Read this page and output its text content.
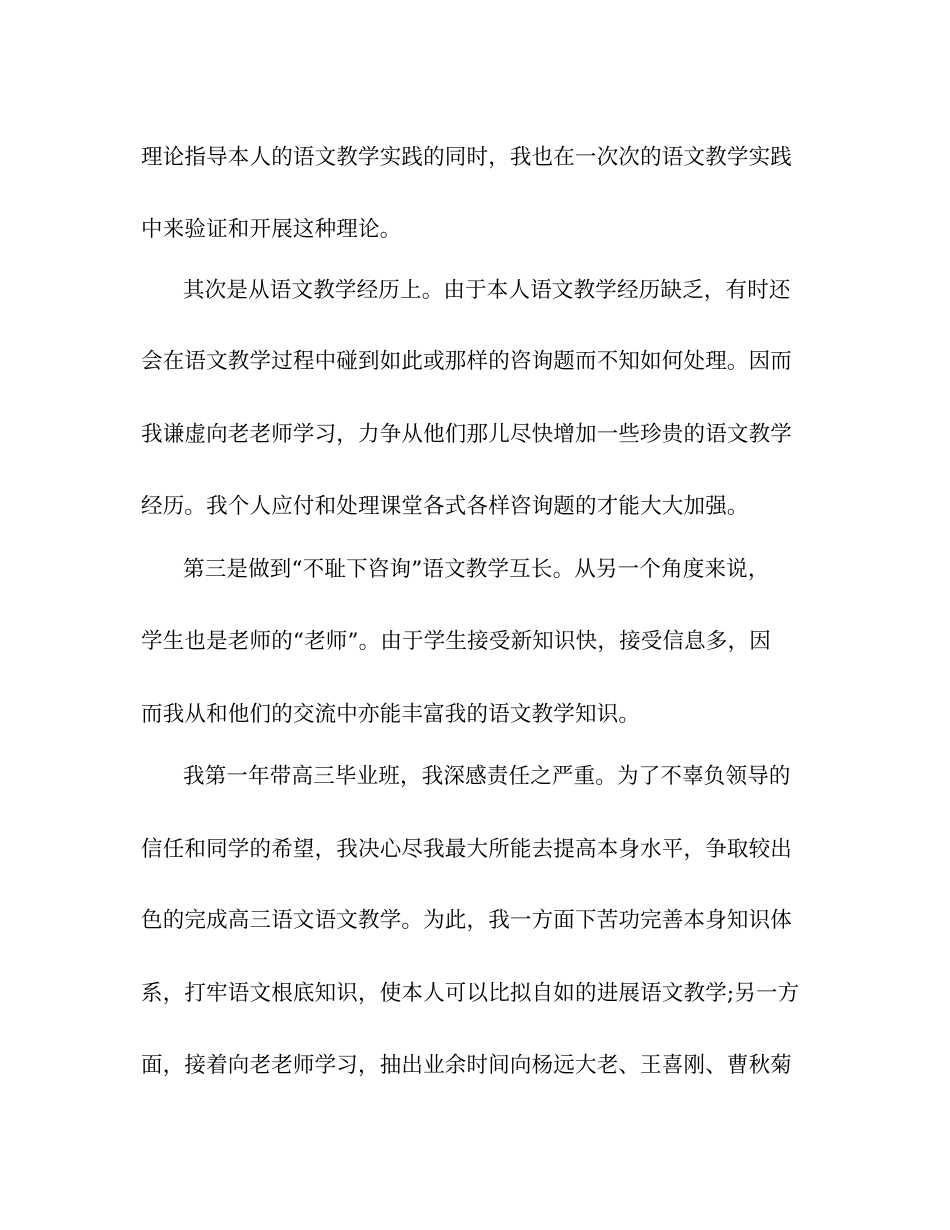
理论指导本人的语文教学实践的同时，我也在一次次的语文教学实践
中来验证和开展这种理论。
其次是从语文教学经历上。由于本人语文教学经历缺乏，有时还
会在语文教学过程中碰到如此或那样的咨询题而不知如何处理。因而
我谦虚向老老师学习，力争从他们那儿尽快增加一些珍贵的语文教学
经历。我个人应付和处理课堂各式各样咨询题的才能大大加强。
第三是做到“不耻下咨询”语文教学互长。从另一个角度来说，
学生也是老师的“老师”。由于学生接受新知识快，接受信息多，因
而我从和他们的交流中亦能丰富我的语文教学知识。
我第一年带高三毕业班，我深感责任之严重。为了不辜负领导的
信任和同学的希望，我决心尽我最大所能去提高本身水平，争取较出
色的完成高三语文语文教学。为此，我一方面下苦功完善本身知识体
系，打牢语文根底知识，使本人可以比拟自如的进展语文教学;另一方
面，接着向老老师学习，抽出业余时间向杨远大老、王喜刚、曹秋菊
